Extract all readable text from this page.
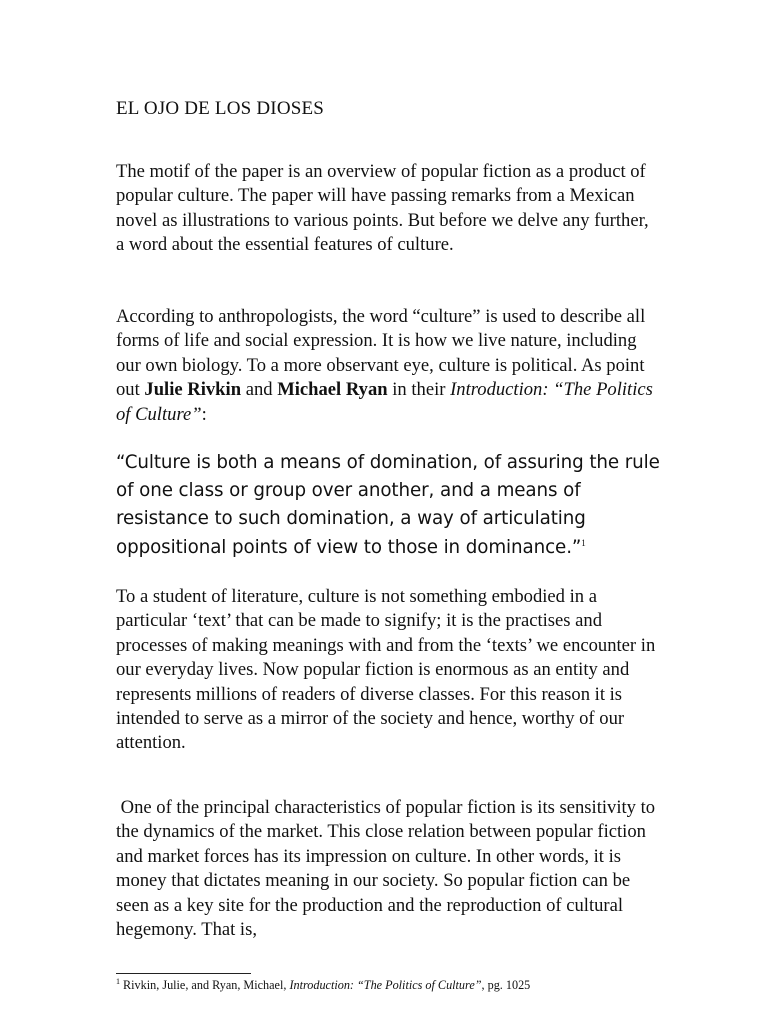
EL OJO DE LOS DIOSES

The motif of the paper is an overview of popular fiction as a product of popular culture. The paper will have passing remarks from a Mexican novel as illustrations to various points. But before we delve any further, a word about the essential features of culture.

According to anthropologists, the word “culture” is used to describe all forms of life and social expression. It is how we live nature, including our own biology. To a more observant eye, culture is political. As point out Julie Rivkin and Michael Ryan in their Introduction: “The Politics of Culture”:

“Culture is both a means of domination, of assuring the rule of one class or group over another, and a means of resistance to such domination, a way of articulating oppositional points of view to those in dominance.”$^1$

To a student of literature, culture is not something embodied in a particular ‘text’ that can be made to signify; it is the practises and processes of making meanings with and from the ‘texts’ we encounter in our everyday lives. Now popular fiction is enormous as an entity and represents millions of readers of diverse classes. For this reason it is intended to serve as a mirror of the society and hence, worthy of our attention.

One of the principal characteristics of popular fiction is its sensitivity to the dynamics of the market. This close relation between popular fiction and market forces has its impression on culture. In other words, it is money that dictates meaning in our society. So popular fiction can be seen as a key site for the production and the reproduction of cultural hegemony. That is,

$^1$ Rivkin, Julie, and Ryan, Michael, Introduction: “The Politics of Culture”, pg. 1025
